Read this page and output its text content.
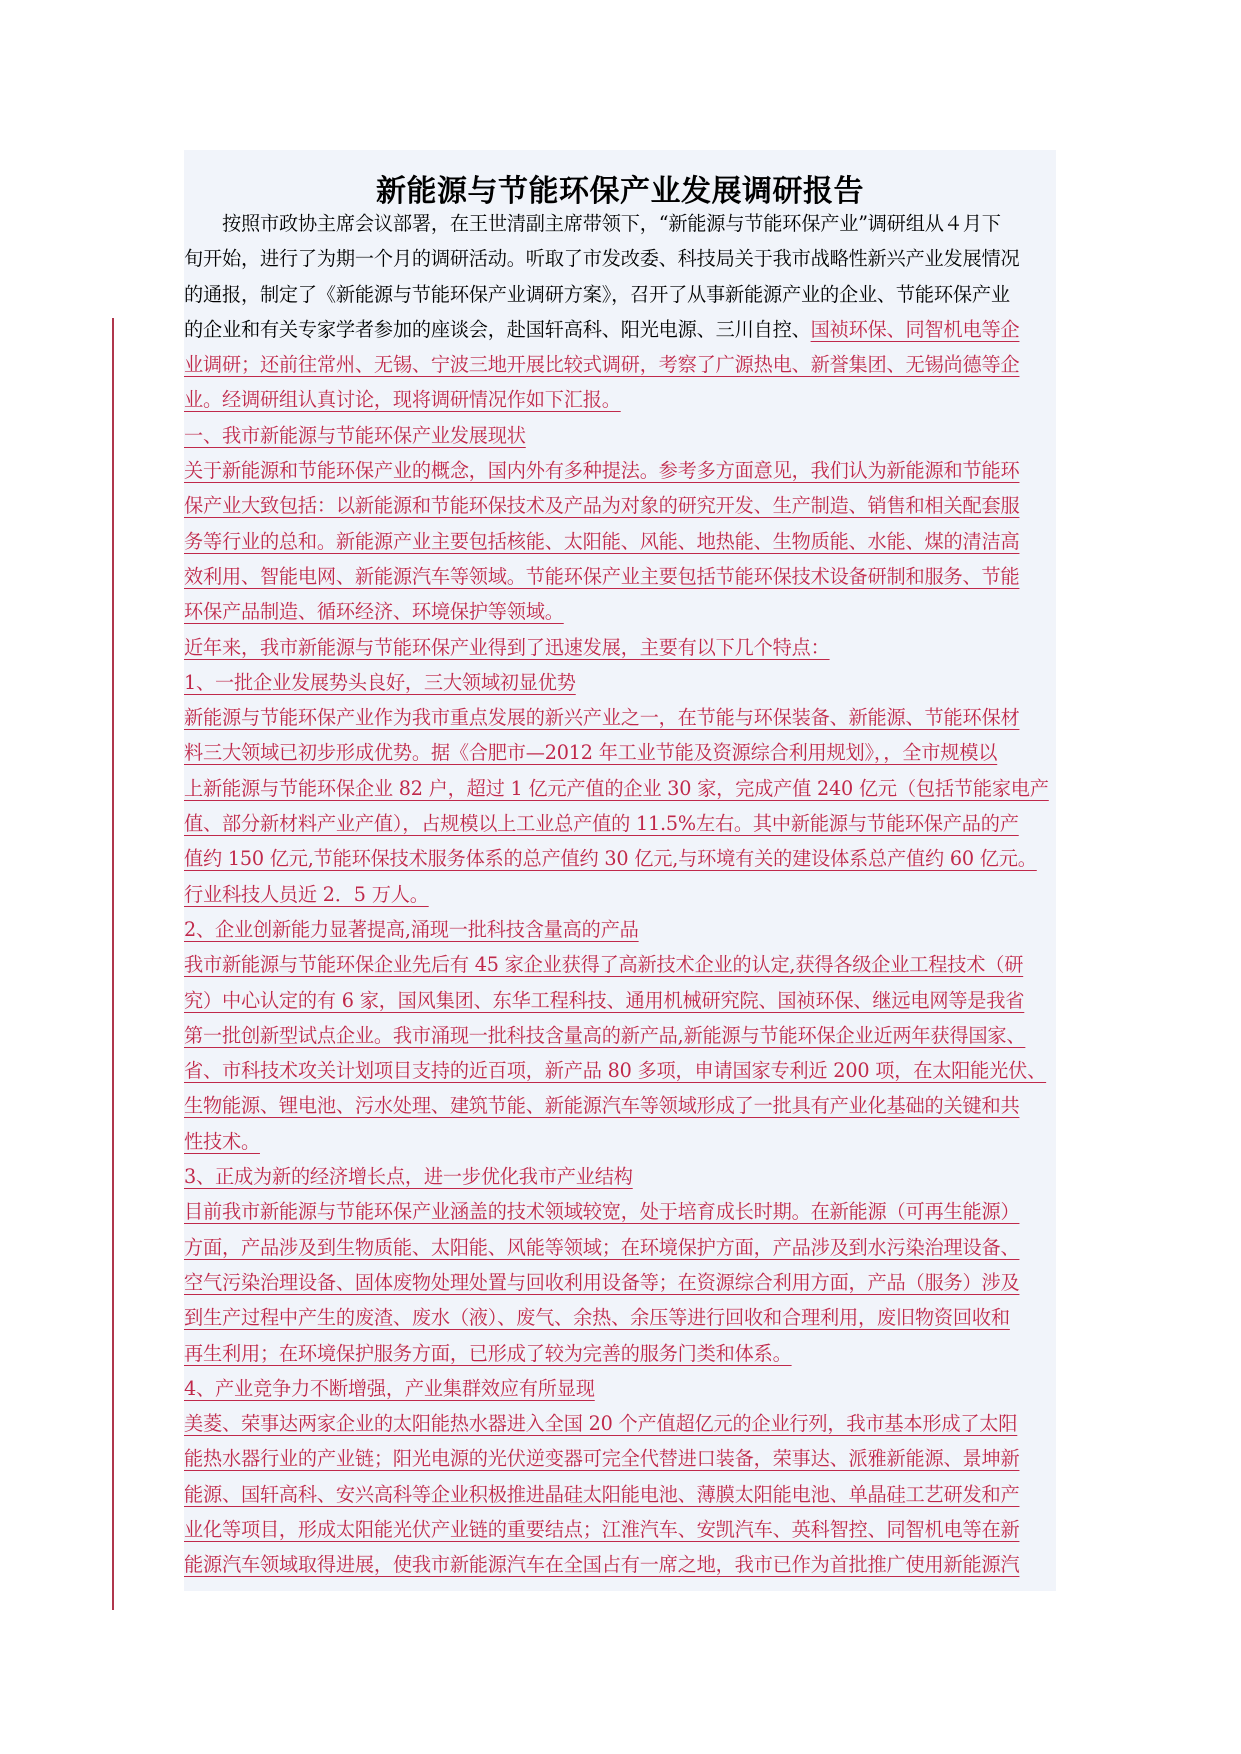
新能源与节能环保产业发展调研报告
按照市政协主席会议部署，在王世清副主席带领下，“新能源与节能环保产业”调研组从４月下
旬开始，进行了为期一个月的调研活动。听取了市发改委、科技局关于我市战略性新兴产业发展情况
的通报，制定了《新能源与节能环保产业调研方案》，召开了从事新能源产业的企业、节能环保产业
的企业和有关专家学者参加的座谈会，赴国轩高科、阳光电源、三川自控、国祯环保、同智机电等企
业调研；还前往常州、无锡、宁波三地开展比较式调研，考察了广源热电、新誉集团、无锡尚德等企
业。经调研组认真讨论，现将调研情况作如下汇报。
一、我市新能源与节能环保产业发展现状
关于新能源和节能环保产业的概念，国内外有多种提法。参考多方面意见，我们认为新能源和节能环
保产业大致包括：以新能源和节能环保技术及产品为对象的研究开发、生产制造、销售和相关配套服
务等行业的总和。新能源产业主要包括核能、太阳能、风能、地热能、生物质能、水能、煤的清洁高
效利用、智能电网、新能源汽车等领域。节能环保产业主要包括节能环保技术设备研制和服务、节能
环保产品制造、循环经济、环境保护等领域。
近年来，我市新能源与节能环保产业得到了迅速发展，主要有以下几个特点：
1、一批企业发展势头良好，三大领域初显优势
新能源与节能环保产业作为我市重点发展的新兴产业之一，在节能与环保装备、新能源、节能环保材
料三大领域已初步形成优势。据《合肥市—2012 年工业节能及资源综合利用规划》，，全市规模以
上新能源与节能环保企业 82 户，超过 1 亿元产值的企业 30 家，完成产值 240 亿元（包括节能家电产
值、部分新材料产业产值），占规模以上工业总产值的 11.5%左右。其中新能源与节能环保产品的产
值约 150 亿元,节能环保技术服务体系的总产值约 30 亿元,与环境有关的建设体系总产值约 60 亿元。
行业科技人员近 2．5 万人。
2、企业创新能力显著提高,涌现一批科技含量高的产品
我市新能源与节能环保企业先后有 45 家企业获得了高新技术企业的认定,获得各级企业工程技术（研
究）中心认定的有 6 家，国风集团、东华工程科技、通用机械研究院、国祯环保、继远电网等是我省
第一批创新型试点企业。我市涌现一批科技含量高的新产品,新能源与节能环保企业近两年获得国家、
省、市科技术攻关计划项目支持的近百项，新产品 80 多项，申请国家专利近 200 项，在太阳能光伏、
生物能源、锂电池、污水处理、建筑节能、新能源汽车等领域形成了一批具有产业化基础的关键和共
性技术。
3、正成为新的经济增长点，进一步优化我市产业结构
目前我市新能源与节能环保产业涵盖的技术领域较宽，处于培育成长时期。在新能源（可再生能源）
方面，产品涉及到生物质能、太阳能、风能等领域；在环境保护方面，产品涉及到水污染治理设备、
空气污染治理设备、固体废物处理处置与回收利用设备等；在资源综合利用方面，产品（服务）涉及
到生产过程中产生的废渣、废水（液）、废气、余热、余压等进行回收和合理利用，废旧物资回收和
再生利用；在环境保护服务方面，已形成了较为完善的服务门类和体系。
4、产业竞争力不断增强，产业集群效应有所显现
美菱、荣事达两家企业的太阳能热水器进入全国 20 个产值超亿元的企业行列，我市基本形成了太阳
能热水器行业的产业链；阳光电源的光伏逆变器可完全代替进口装备，荣事达、派雅新能源、景坤新
能源、国轩高科、安兴高科等企业积极推进晶硅太阳能电池、薄膜太阳能电池、单晶硅工艺研发和产
业化等项目，形成太阳能光伏产业链的重要结点；江淮汽车、安凯汽车、英科智控、同智机电等在新
能源汽车领域取得进展，使我市新能源汽车在全国占有一席之地，我市已作为首批推广使用新能源汽
